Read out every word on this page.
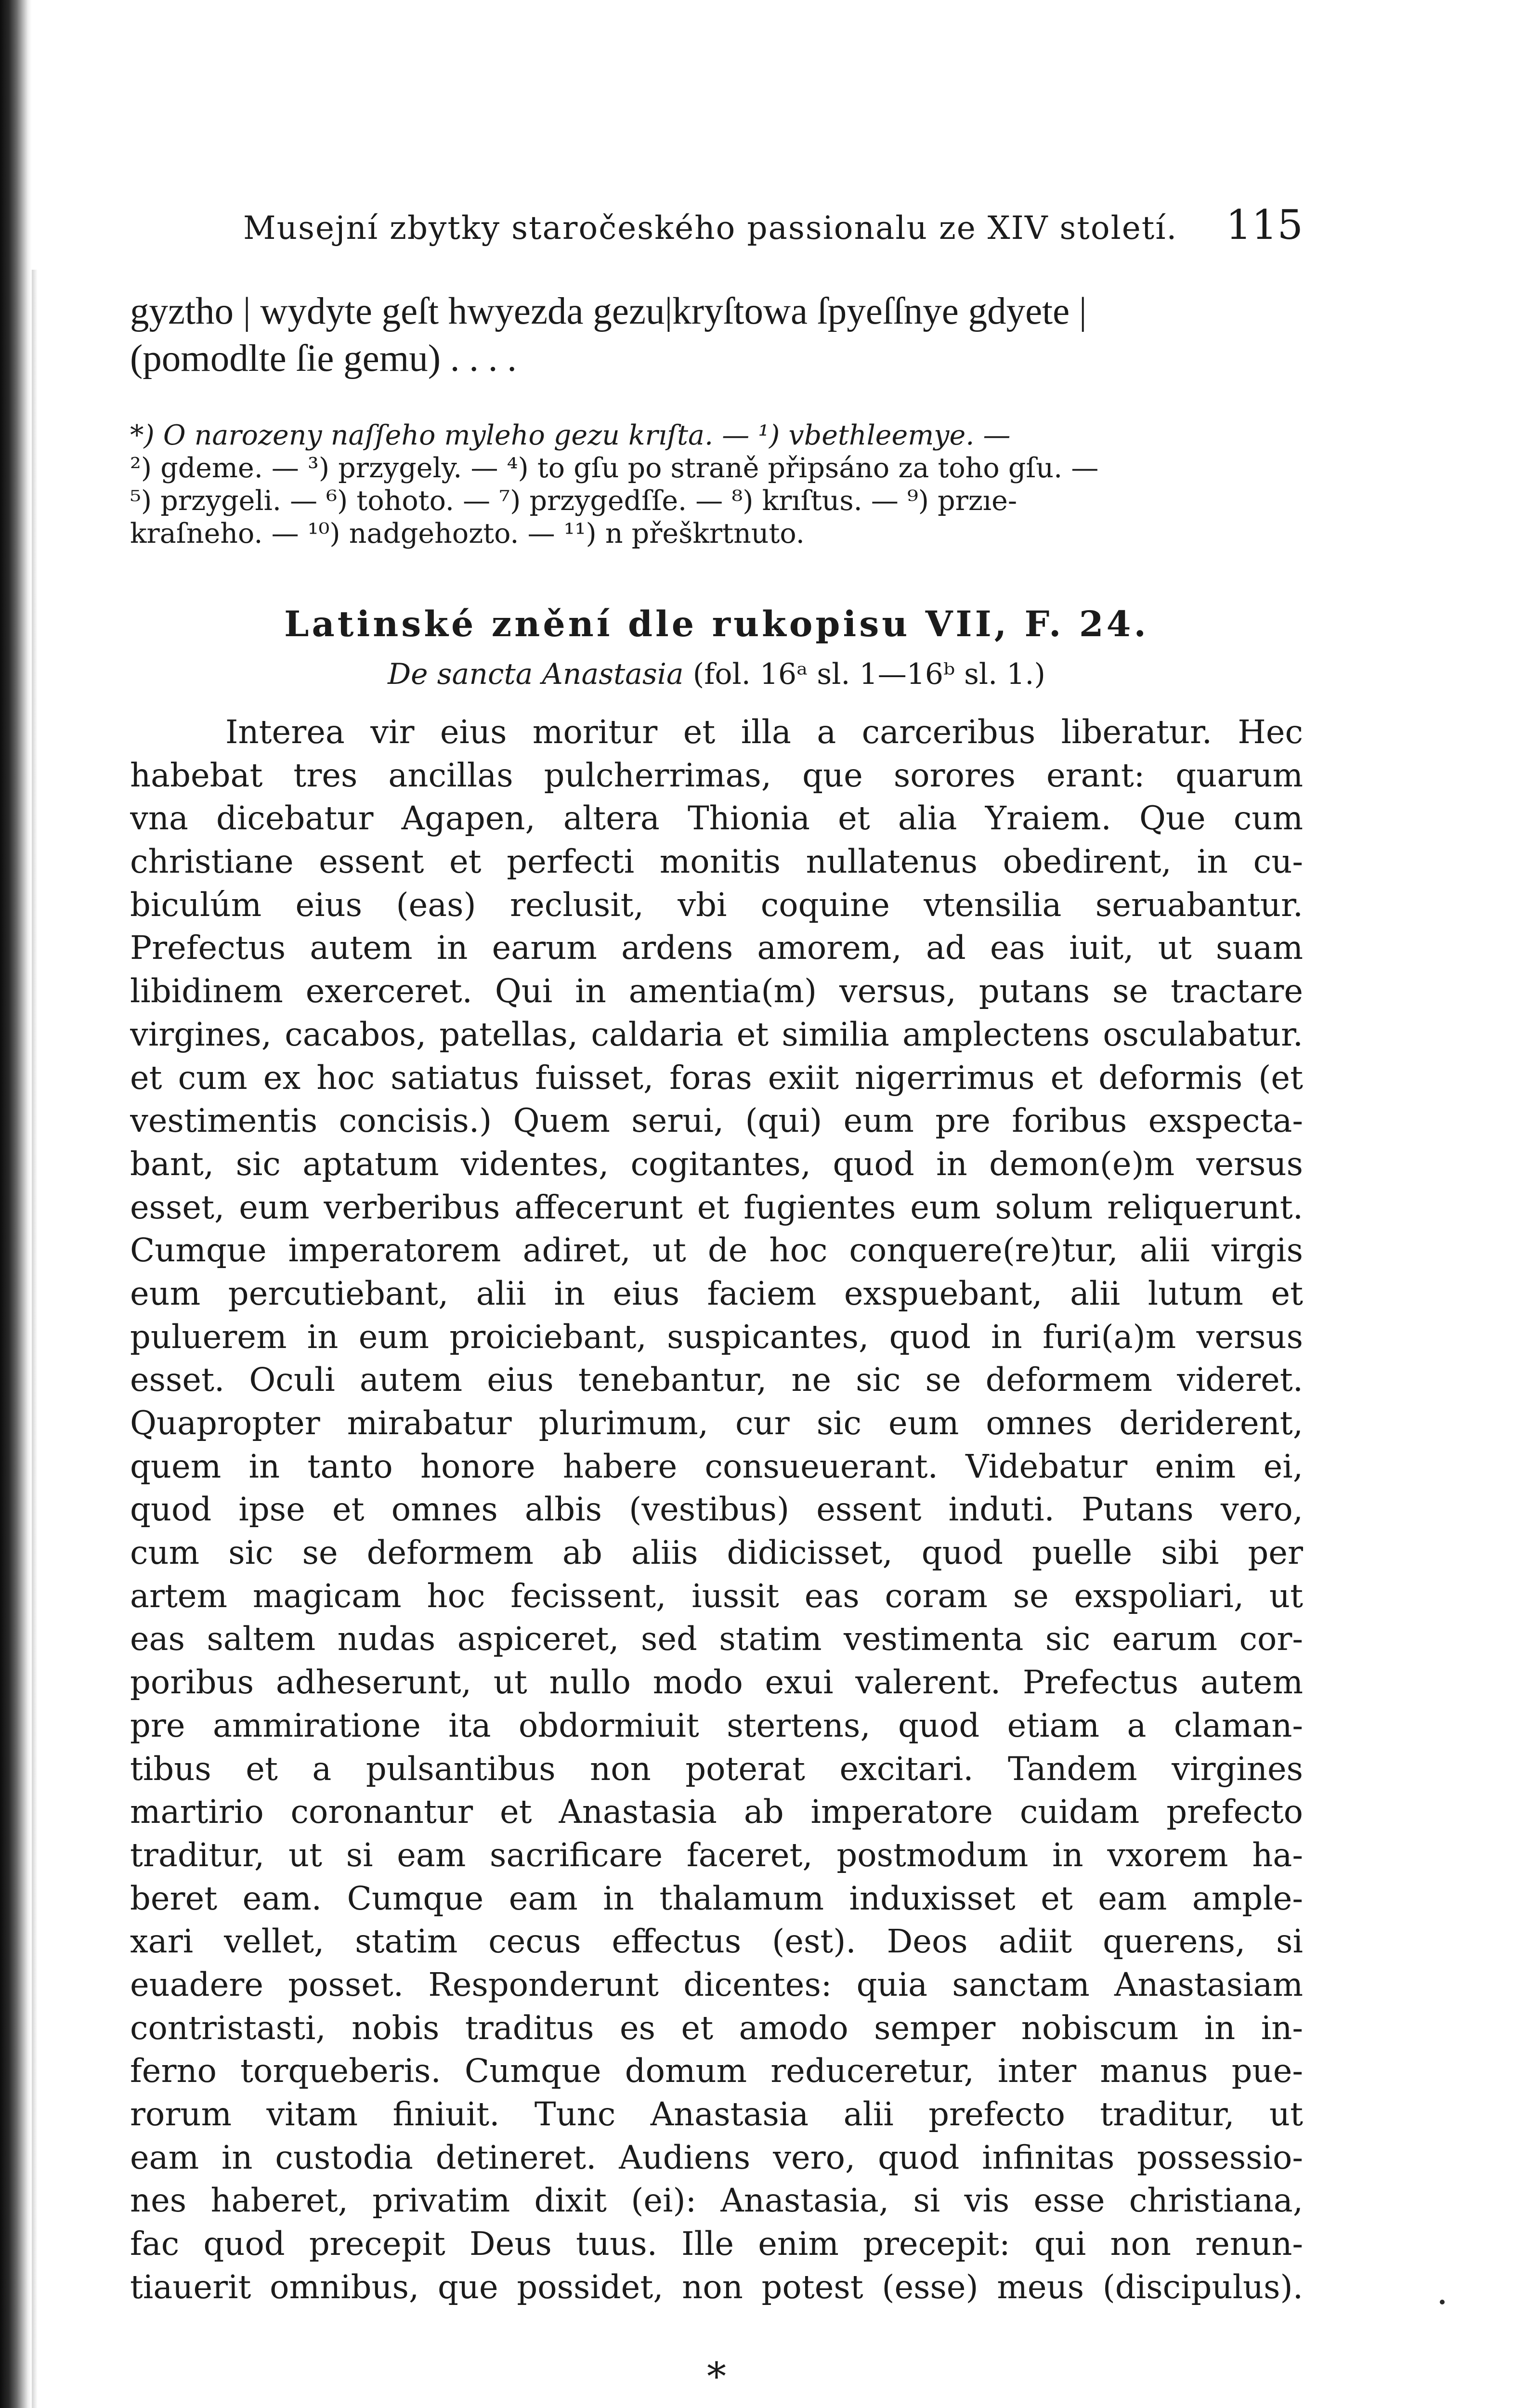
Musejní zbytky staročeského passionalu ze XIV století. 115
gyztho | wydyte geſt hwyezda gezu|kryſtowa ſpyeſſnye gdyete |
(pomodlte ſie gemu) . . . .
*) O narozeny naſſeho myleho gezu krıſta. — ¹) vbethleemye. —
²) gdeme. — ³) przygely. — ⁴) to gſu po straně připsáno za toho gſu. —
⁵) przygeli. — ⁶) tohoto. — ⁷) przygedſſe. — ⁸) krıſtus. — ⁹) przıe-
kraſneho. — ¹⁰) nadgehozto. — ¹¹) n přeškrtnuto.
Latinské znění dle rukopisu VII, F. 24.
De sancta Anastasia (fol. 16ᵃ sl. 1—16ᵇ sl. 1.)
Interea vir eius moritur et illa a carceribus liberatur. Hec
habebat tres ancillas pulcherrimas, que sorores erant: quarum
vna dicebatur Agapen, altera Thionia et alia Yraiem. Que cum
christiane essent et perfecti monitis nullatenus obedirent, in cu-
biculúm eius (eas) reclusit, vbi coquine vtensilia seruabantur.
Prefectus autem in earum ardens amorem, ad eas iuit, ut suam
libidinem exerceret. Qui in amentia(m) versus, putans se tractare
virgines, cacabos, patellas, caldaria et similia amplectens osculabatur.
et cum ex hoc satiatus fuisset, foras exiit nigerrimus et deformis (et
vestimentis concisis.) Quem serui, (qui) eum pre foribus exspecta-
bant, sic aptatum videntes, cogitantes, quod in demon(e)m versus
esset, eum verberibus affecerunt et fugientes eum solum reliquerunt.
Cumque imperatorem adiret, ut de hoc conquere(re)tur, alii virgis
eum percutiebant, alii in eius faciem exspuebant, alii lutum et
puluerem in eum proiciebant, suspicantes, quod in furi(a)m versus
esset. Oculi autem eius tenebantur, ne sic se deformem videret.
Quapropter mirabatur plurimum, cur sic eum omnes deriderent,
quem in tanto honore habere consueuerant. Videbatur enim ei,
quod ipse et omnes albis (vestibus) essent induti. Putans vero,
cum sic se deformem ab aliis didicisset, quod puelle sibi per
artem magicam hoc fecissent, iussit eas coram se exspoliari, ut
eas saltem nudas aspiceret, sed statim vestimenta sic earum cor-
poribus adheserunt, ut nullo modo exui valerent. Prefectus autem
pre ammiratione ita obdormiuit stertens, quod etiam a claman-
tibus et a pulsantibus non poterat excitari. Tandem virgines
martirio coronantur et Anastasia ab imperatore cuidam prefecto
traditur, ut si eam sacrificare faceret, postmodum in vxorem ha-
beret eam. Cumque eam in thalamum induxisset et eam ample-
xari vellet, statim cecus effectus (est). Deos adiit querens, si
euadere posset. Responderunt dicentes: quia sanctam Anastasiam
contristasti, nobis traditus es et amodo semper nobiscum in in-
ferno torqueberis. Cumque domum reduceretur, inter manus pue-
rorum vitam finiuit. Tunc Anastasia alii prefecto traditur, ut
eam in custodia detineret. Audiens vero, quod infinitas possessio-
nes haberet, privatim dixit (ei): Anastasia, si vis esse christiana,
fac quod precepit Deus tuus. Ille enim precepit: qui non renun-
tiauerit omnibus, que possidet, non potest (esse) meus (discipulus).
*
